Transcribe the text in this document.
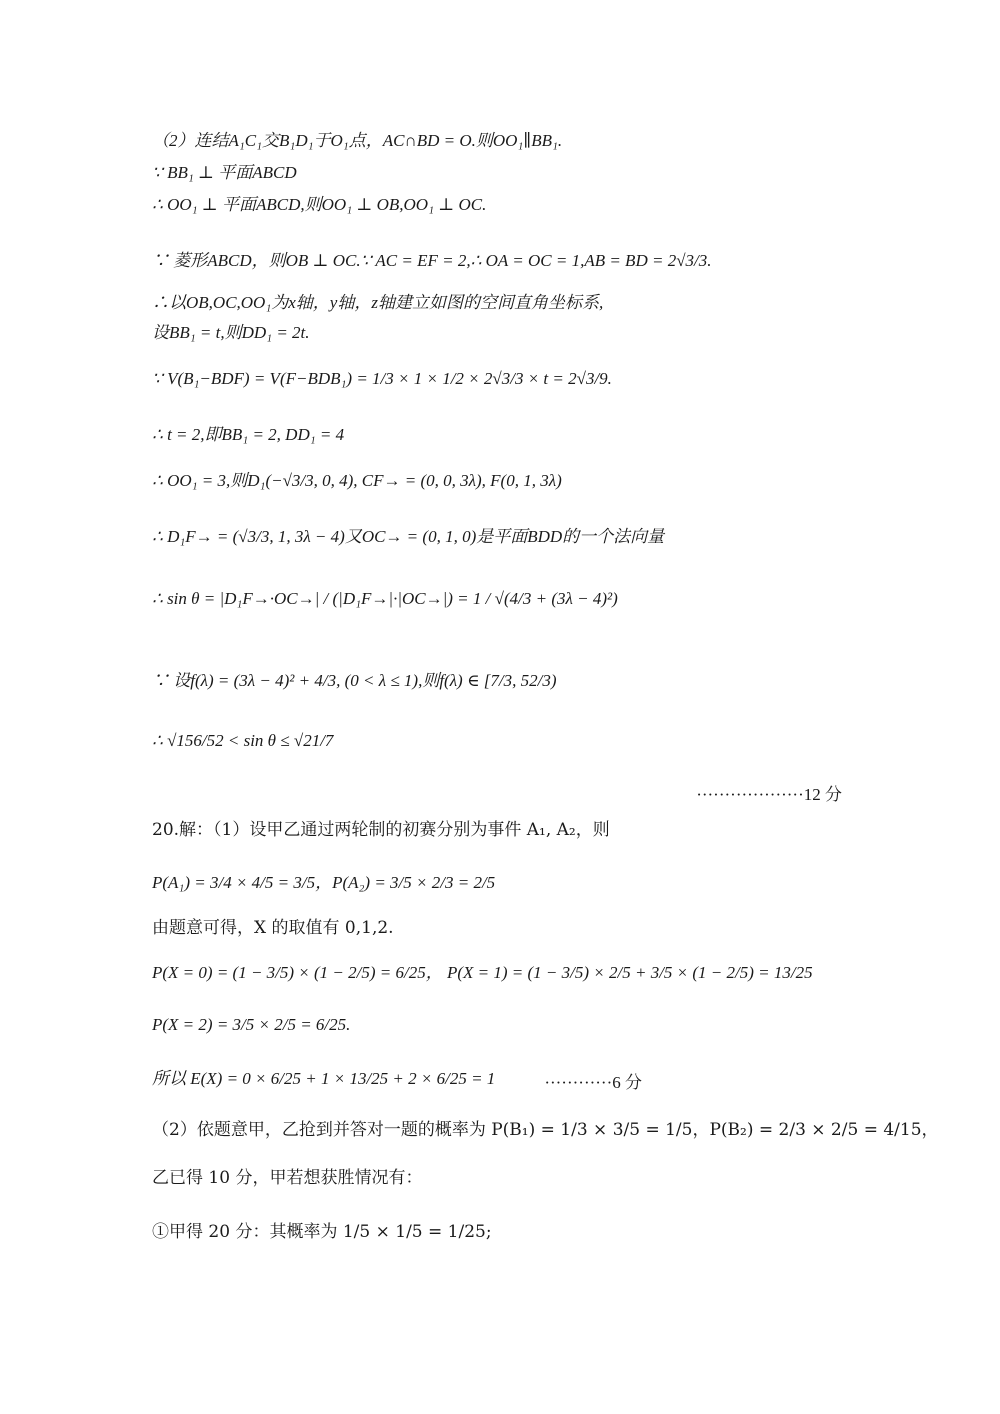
（2）连结A₁C₁交B₁D₁于O₁点，AC∩BD = O.则OO₁∥BB₁.
∵ BB₁ ⊥ 平面ABCD
∴ OO₁ ⊥ 平面ABCD,则OO₁ ⊥ OB,OO₁ ⊥ OC.
∵ 菱形ABCD，则OB ⊥ OC.∵ AC = EF = 2,∴ OA = OC = 1,AB = BD = 2√3/3.
∴以OB,OC,OO₁为x轴，y轴，z轴建立如图的空间直角坐标系,
设BB₁ = t,则DD₁ = 2t.
∵ V(B₁−BDF) = V(F−BDB₁) = 1/3 × 1 × 1/2 × 2√3/3 × t = 2√3/9.
∴ t = 2,即BB₁ = 2, DD₁ = 4
∴ OO₁ = 3,则D₁(−√3/3, 0, 4), CF→ = (0, 0, 3λ), F(0, 1, 3λ)
∴ D₁F→ = (√3/3, 1, 3λ − 4)又OC→ = (0, 1, 0)是平面BDD的一个法向量
∴ sin θ = |D₁F→·OC→| / (|D₁F→|·|OC→|) = 1 / √(4/3 + (3λ − 4)²)
∵ 设f(λ) = (3λ − 4)² + 4/3, (0 < λ ≤ 1),则f(λ) ∈ [7/3, 52/3)
∴ √156/52 < sin θ ≤ √21/7
···················12 分
20.解：（1）设甲乙通过两轮制的初赛分别为事件 A₁, A₂，则
P(A₁) = 3/4 × 4/5 = 3/5，P(A₂) = 3/5 × 2/3 = 2/5
由题意可得，X 的取值有 0,1,2.
P(X = 0) = (1 − 3/5) × (1 − 2/5) = 6/25， P(X = 1) = (1 − 3/5) × 2/5 + 3/5 × (1 − 2/5) = 13/25
P(X = 2) = 3/5 × 2/5 = 6/25.
所以 E(X) = 0 × 6/25 + 1 × 13/25 + 2 × 6/25 = 1	············6 分
（2）依题意甲，乙抢到并答对一题的概率为 P(B₁) = 1/3 × 3/5 = 1/5，P(B₂) = 2/3 × 2/5 = 4/15，
乙已得 10 分，甲若想获胜情况有：
①甲得 20 分：其概率为 1/5 × 1/5 = 1/25;
